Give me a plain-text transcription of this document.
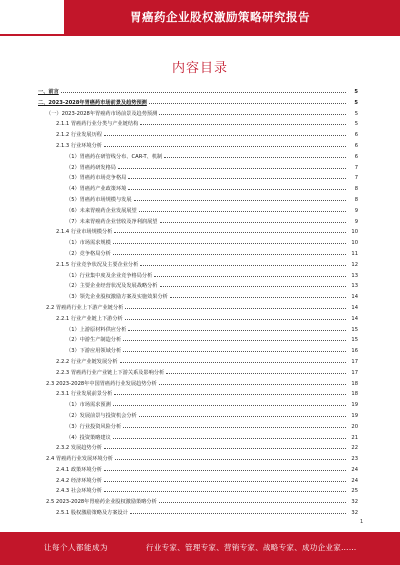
胃癌药企业股权激励策略研究报告
内容目录
一、前言	5
二、2023-2028年胃癌药市场前景及趋势预测	5
（一）2023-2028年胃癌药市场前景及趋势预测	5
2.1.1 胃癌药行业分类与产业链结构	5
2.1.2 行业发展历程	6
2.1.3 行业环境分析	6
（1）胃癌药在研管线分布、CAR-T、机制	6
（2）胃癌药研发格局	7
（3）胃癌药市场竞争格局	7
（4）胃癌药产业政策环境	8
（5）胃癌药市场规模与发展	8
（6）未来胃癌药企业发展展望	9
（7）未来胃癌药企业营收及净利润展望	9
2.1.4 行业市场规模分析	10
（1）市场需求规模	10
（2）竞争格局分析	11
2.1.5 行业竞争状况及主要企业分析	12
（1）行业集中度及企业竞争格局分析	13
（2）主要企业经营状况及发展战略分析	13
（3）领先企业股权激励方案及实施效果分析	14
2.2 胃癌药行业上下游产业链分析	14
2.2.1 行业产业链上下游分析	14
（1）上游原材料供应分析	15
（2）中游生产制造分析	15
（3）下游应用领域分析	16
2.2.2 行业产业链发展分析	17
2.2.3 胃癌药行业产业链上下游关系及影响分析	17
2.3 2023-2028年中国胃癌药行业发展趋势分析	18
2.3.1 行业发展前景分析	18
（1）市场需求预测	19
（2）发展前景与投资机会分析	19
（3）行业投资风险分析	20
（4）投资策略建议	21
2.3.2 发展趋势分析	22
2.4 胃癌药行业发展环境分析	23
2.4.1 政策环境分析	24
2.4.2 经济环境分析	24
2.4.3 社会环境分析	25
2.5 2023-2028年胃癌药企业股权激励策略分析	32
2.5.1 股权激励策略及方案设计	32
1
让每个人都能成为	行业专家、管理专家、营销专家、战略专家、成功企业家……
